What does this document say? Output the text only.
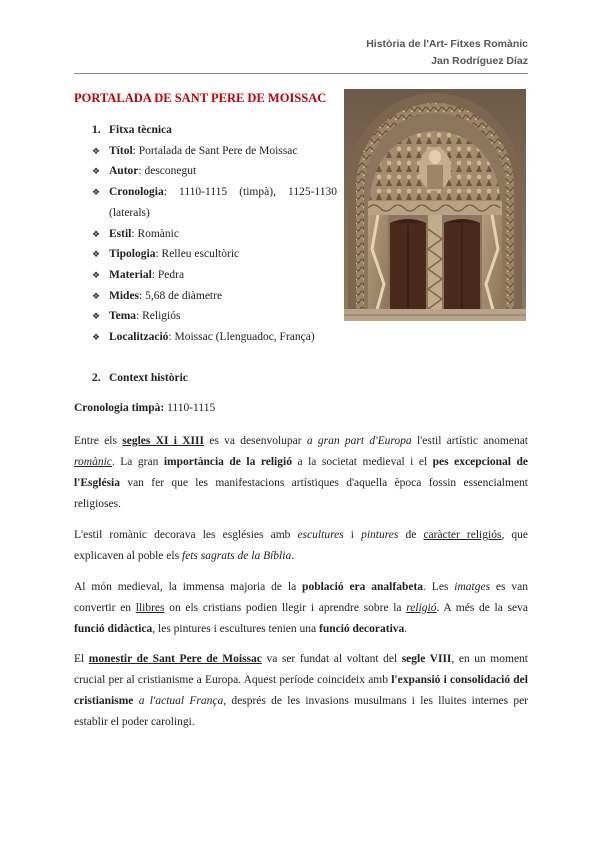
Història de l'Art- Fitxes Romànic
Jan Rodríguez Díaz
PORTALADA DE SANT PERE DE MOISSAC
1. Fitxa tècnica
❖ Títol: Portalada de Sant Pere de Moissac
❖ Autor: desconegut
❖ Cronologia: 1110-1115 (timpà), 1125-1130 (laterals)
❖ Estil: Romànic
❖ Tipologia: Relleu escultòric
❖ Material: Pedra
❖ Mides: 5,68 de diàmetre
❖ Tema: Religiós
❖ Localització: Moissac (Llenguadoc, França)
2. Context històric
Cronologia timpà: 1110-1115

Entre els segles XI i XIII es va desenvolupar a gran part d'Europa l'estil artístic anomenat romànic. La gran importància de la religió a la societat medieval i el pes excepcional de l'Església van fer que les manifestacions artístiques d'aquella època fossin essencialment religioses.

L'estil romànic decorava les esglésies amb escultures i pintures de caràcter religiós, que explicaven al poble els fets sagrats de la Bíblia.

Al món medieval, la immensa majoria de la població era analfabeta. Les imatges es van convertir en llibres on els cristians podien llegir i aprendre sobre la religió. A més de la seva funció didàctica, les pintures i escultures tenien una funció decorativa.

El monestir de Sant Pere de Moissac va ser fundat al voltant del segle VIII, en un moment crucial per al cristianisme a Europa. Aquest període coincideix amb l'expansió i consolidació del cristianisme a l'actual França, després de les invasions musulmans i les lluites internes per establir el poder carolingi.
